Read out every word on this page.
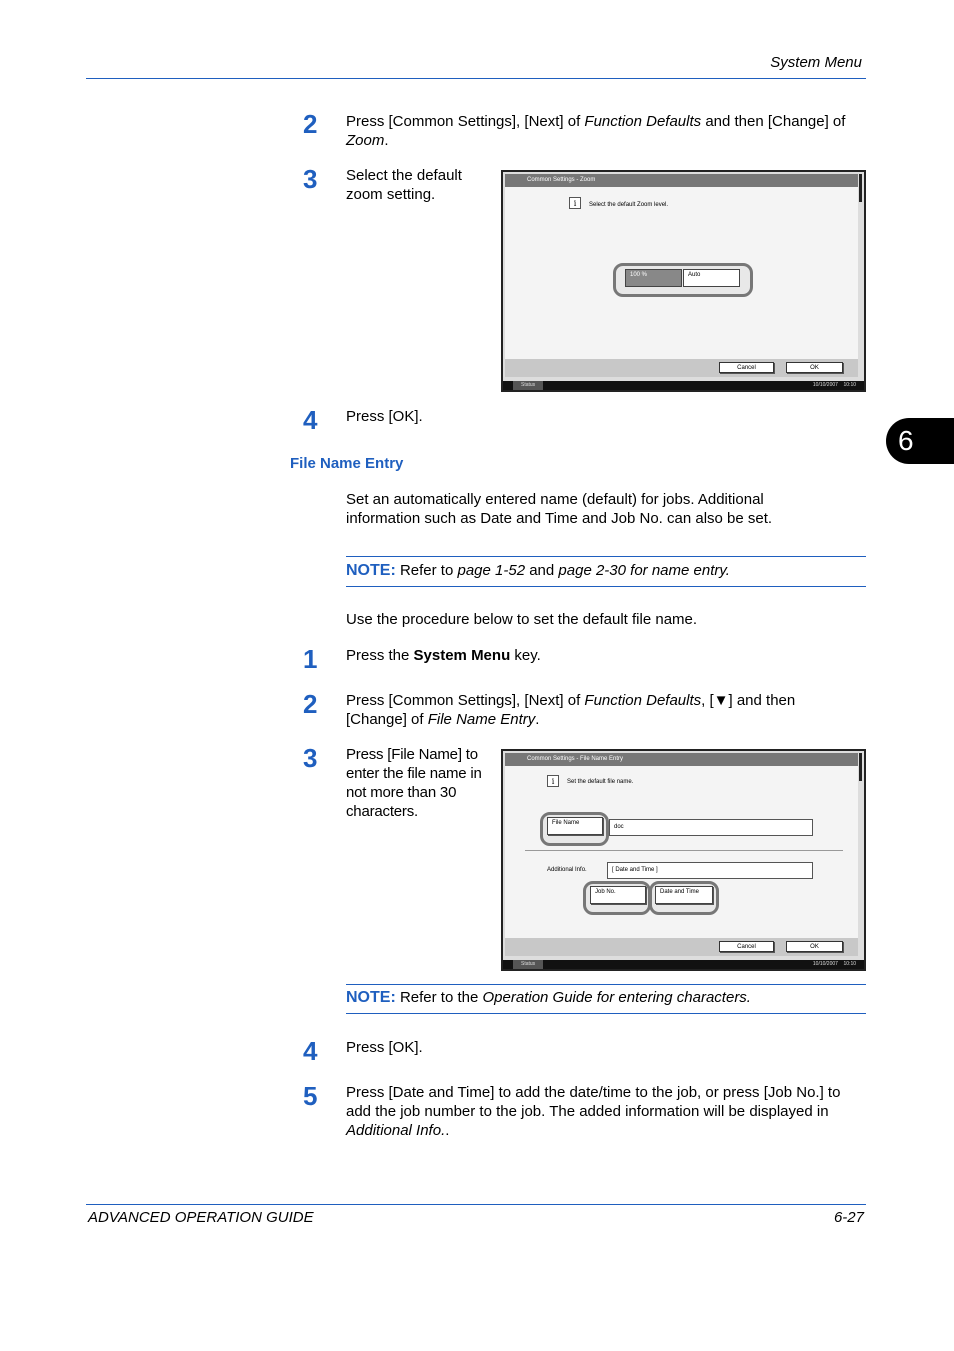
System Menu
6
2	Press [Common Settings], [Next] of Function Defaults and then [Change] of Zoom.
3	Select the default zoom setting.
Common Settings - Zoom
i	Select the default Zoom level.
100 %	Auto
Cancel	OK
Status	10/10/2007    10:10
4	Press [OK].
File Name Entry
Set an automatically entered name (default) for jobs. Additional information such as Date and Time and Job No. can also be set.
NOTE: Refer to page 1-52 and page 2-30 for name entry.
Use the procedure below to set the default file name.
1	Press the System Menu key.
2	Press [Common Settings], [Next] of Function Defaults, [▼] and then [Change] of File Name Entry.
3	Press [File Name] to enter the file name in not more than 30 characters.
Common Settings - File Name Entry
i	Set the default file name.
File Name
doc
Additional Info.	[ Date and Time ]
Job No.	Date and Time
Cancel	OK
Status	10/10/2007    10:10
NOTE: Refer to the Operation Guide for entering characters.
4	Press [OK].
5	Press [Date and Time] to add the date/time to the job, or press [Job No.] to add the job number to the job. The added information will be displayed in Additional Info..
ADVANCED OPERATION GUIDE	6-27
